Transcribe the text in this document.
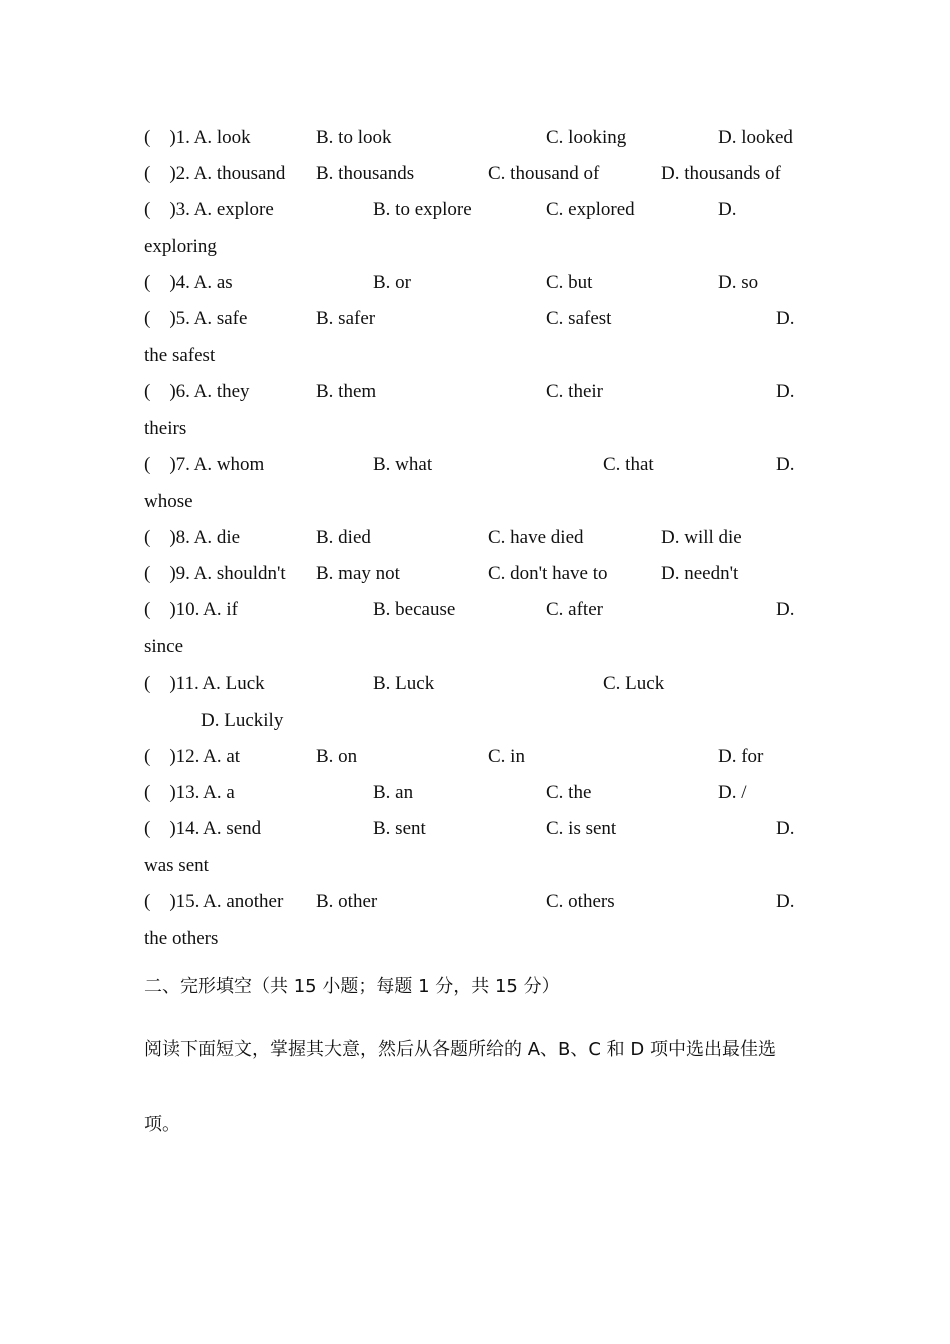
(    )1. A. look	B. to look	C. looking	D. looked
(    )2. A. thousand B. thousands	C. thousand of	D. thousands of
(    )3. A. explore	B. to explore	C. explored	D.
exploring
(    )4. A. as	B. or	C. but	D. so
(    )5. A. safe	B. safer	C. safest	D.
the safest
(    )6. A. they	B. them	C. their	D.
theirs
(    )7. A. whom	B. what	C. that	D.
whose
(    )8. A. die	B. died	C. have died	D. will die
(    )9. A. shouldn't B. may not	C. don't have to	D. needn't
(    )10. A. if	B. because	C. after	D.
since
(    )11. A. Luck	B. Luck	C. Luck
D. Luckily
(    )12. A. at	B. on	C. in	D. for
(    )13. A. a	B. an	C. the	D. /
(    )14. A. send	B. sent	C. is sent	D.
was sent
(    )15. A. another B. other	C. others	D.
the others
二、完形填空（共 15 小题；每题 1 分，共 15 分）
阅读下面短文，掌握其大意，然后从各题所给的 A、B、C 和 D 项中选出最佳选
项。
